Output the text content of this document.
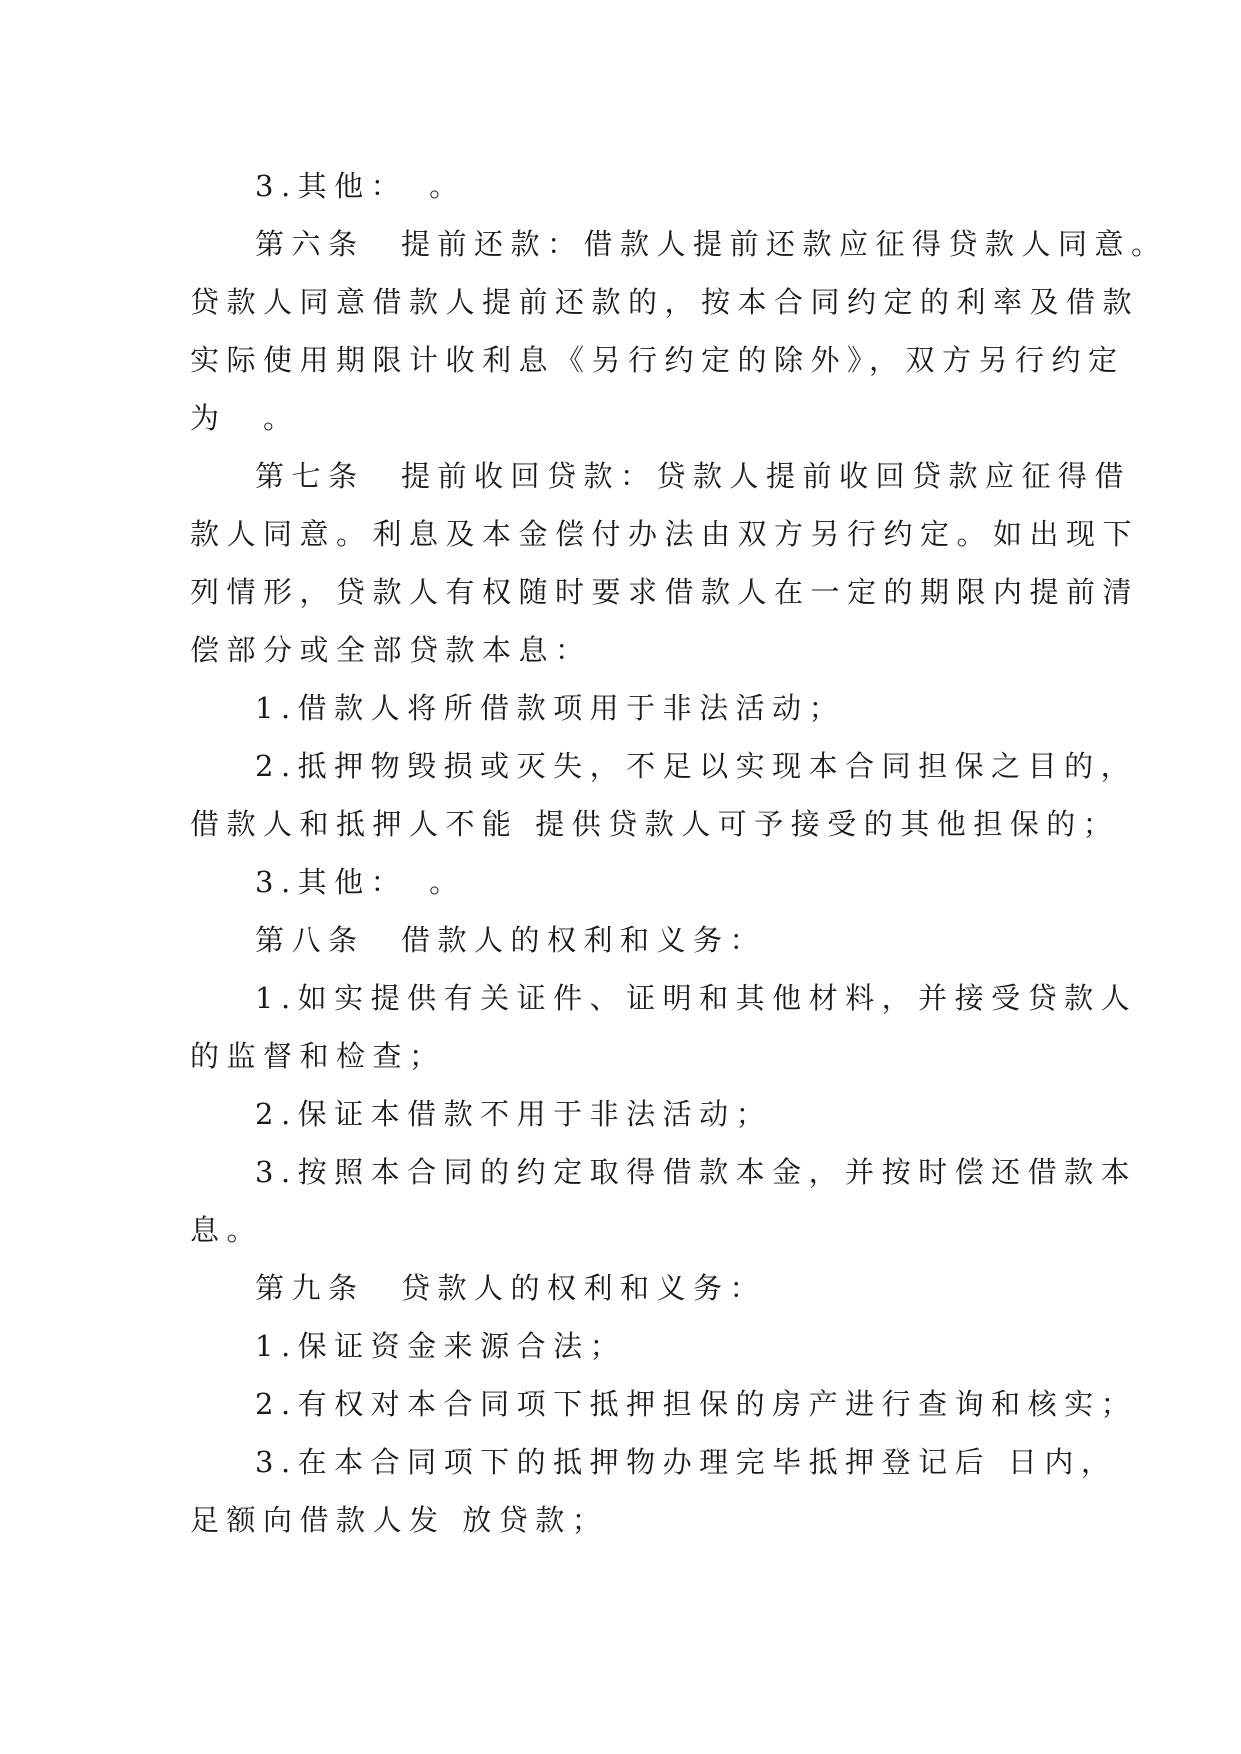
3.其他：　。
第六条　提前还款：借款人提前还款应征得贷款人同意。
贷款人同意借款人提前还款的，按本合同约定的利率及借款
实际使用期限计收利息《另行约定的除外》，双方另行约定
为　。
第七条　提前收回贷款：贷款人提前收回贷款应征得借
款人同意。利息及本金偿付办法由双方另行约定。如出现下
列情形，贷款人有权随时要求借款人在一定的期限内提前清
偿部分或全部贷款本息：
1.借款人将所借款项用于非法活动；
2.抵押物毁损或灭失，不足以实现本合同担保之目的，
借款人和抵押人不能 提供贷款人可予接受的其他担保的；
3.其他：　。
第八条　借款人的权利和义务：
1.如实提供有关证件、证明和其他材料，并接受贷款人
的监督和检查；
2.保证本借款不用于非法活动；
3.按照本合同的约定取得借款本金，并按时偿还借款本
息。
第九条　贷款人的权利和义务：
1.保证资金来源合法；
2.有权对本合同项下抵押担保的房产进行查询和核实；
3.在本合同项下的抵押物办理完毕抵押登记后 日内，
足额向借款人发 放贷款；
